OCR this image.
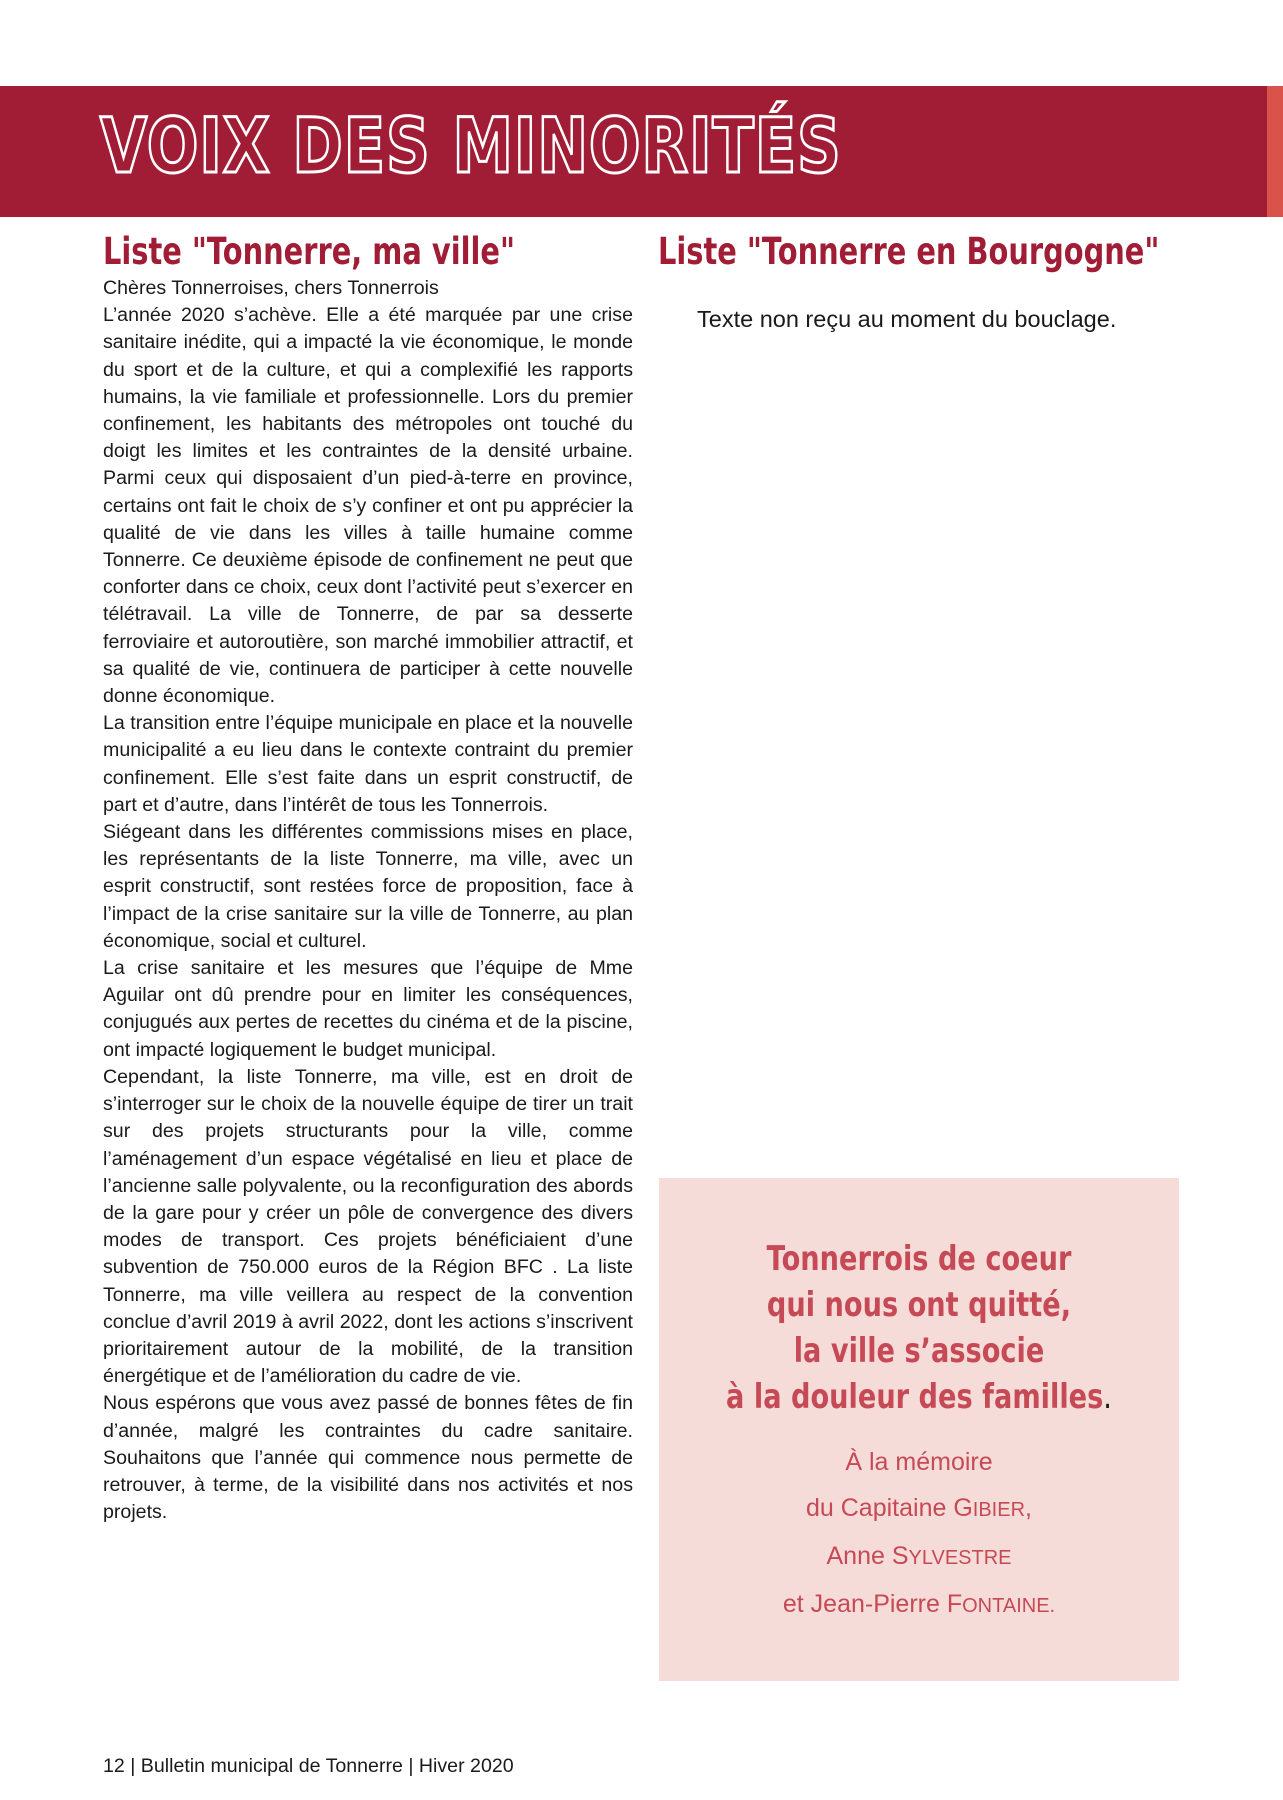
VOIX DES MINORITÉS
Liste "Tonnerre, ma ville"	Liste "Tonnerre en Bourgogne"

Chères Tonnerroises, chers Tonnerrois

L’année 2020 s’achève. Elle a été marquée par une crise sanitaire inédite, qui a impacté la vie économique, le monde du sport et de la culture, et qui a complexifié les rapports humains, la vie familiale et professionnelle. Lors du premier confinement, les habitants des métropoles ont touché du doigt les limites et les contraintes de la densité urbaine. Parmi ceux qui disposaient d’un pied-à-terre en province, certains ont fait le choix de s’y confiner et ont pu apprécier la qualité de vie dans les villes à taille humaine comme Tonnerre. Ce deuxième épisode de confinement ne peut que conforter dans ce choix, ceux dont l’activité peut s’exercer en télétravail. La ville de Tonnerre, de par sa desserte ferroviaire et autoroutière, son marché immobilier attractif, et sa qualité de vie, continuera de participer à cette nouvelle donne économique.

La transition entre l’équipe municipale en place et la nouvelle municipalité a eu lieu dans le contexte contraint du premier confinement. Elle s’est faite dans un esprit constructif, de part et d’autre, dans l’intérêt de tous les Tonnerrois.

Siégeant dans les différentes commissions mises en place, les représentants de la liste Tonnerre, ma ville, avec un esprit constructif, sont restées force de proposition, face à l’impact de la crise sanitaire sur la ville de Tonnerre, au plan économique, social et culturel.

La crise sanitaire et les mesures que l’équipe de Mme Aguilar ont dû prendre pour en limiter les conséquences, conjugués aux pertes de recettes du cinéma et de la piscine, ont impacté logiquement le budget municipal.

Cependant, la liste Tonnerre, ma ville, est en droit de s’interroger sur le choix de la nouvelle équipe de tirer un trait sur des projets structurants pour la ville, comme l’aménagement d’un espace végétalisé en lieu et place de l’ancienne salle polyvalente, ou la reconfiguration des abords de la gare pour y créer un pôle de convergence des divers modes de transport. Ces projets bénéficiaient d’une subvention de 750.000 euros de la Région BFC . La liste Tonnerre, ma ville veillera au respect de la convention conclue d’avril 2019 à avril 2022, dont les actions s’inscrivent prioritairement autour de la mobilité, de la transition énergétique et de l’amélioration du cadre de vie.

Nous espérons que vous avez passé de bonnes fêtes de fin d’année, malgré les contraintes du cadre sanitaire. Souhaitons que l’année qui commence nous permette de retrouver, à terme, de la visibilité dans nos activités et nos projets.

Texte non reçu au moment du bouclage.
Tonnerrois de coeur
qui nous ont quitté,
la ville s’associe
à la douleur des familles.

À la mémoire

du Capitaine GIBIER,

Anne SYLVESTRE

et Jean-Pierre FONTAINE.

12 | Bulletin municipal de Tonnerre | Hiver 2020
